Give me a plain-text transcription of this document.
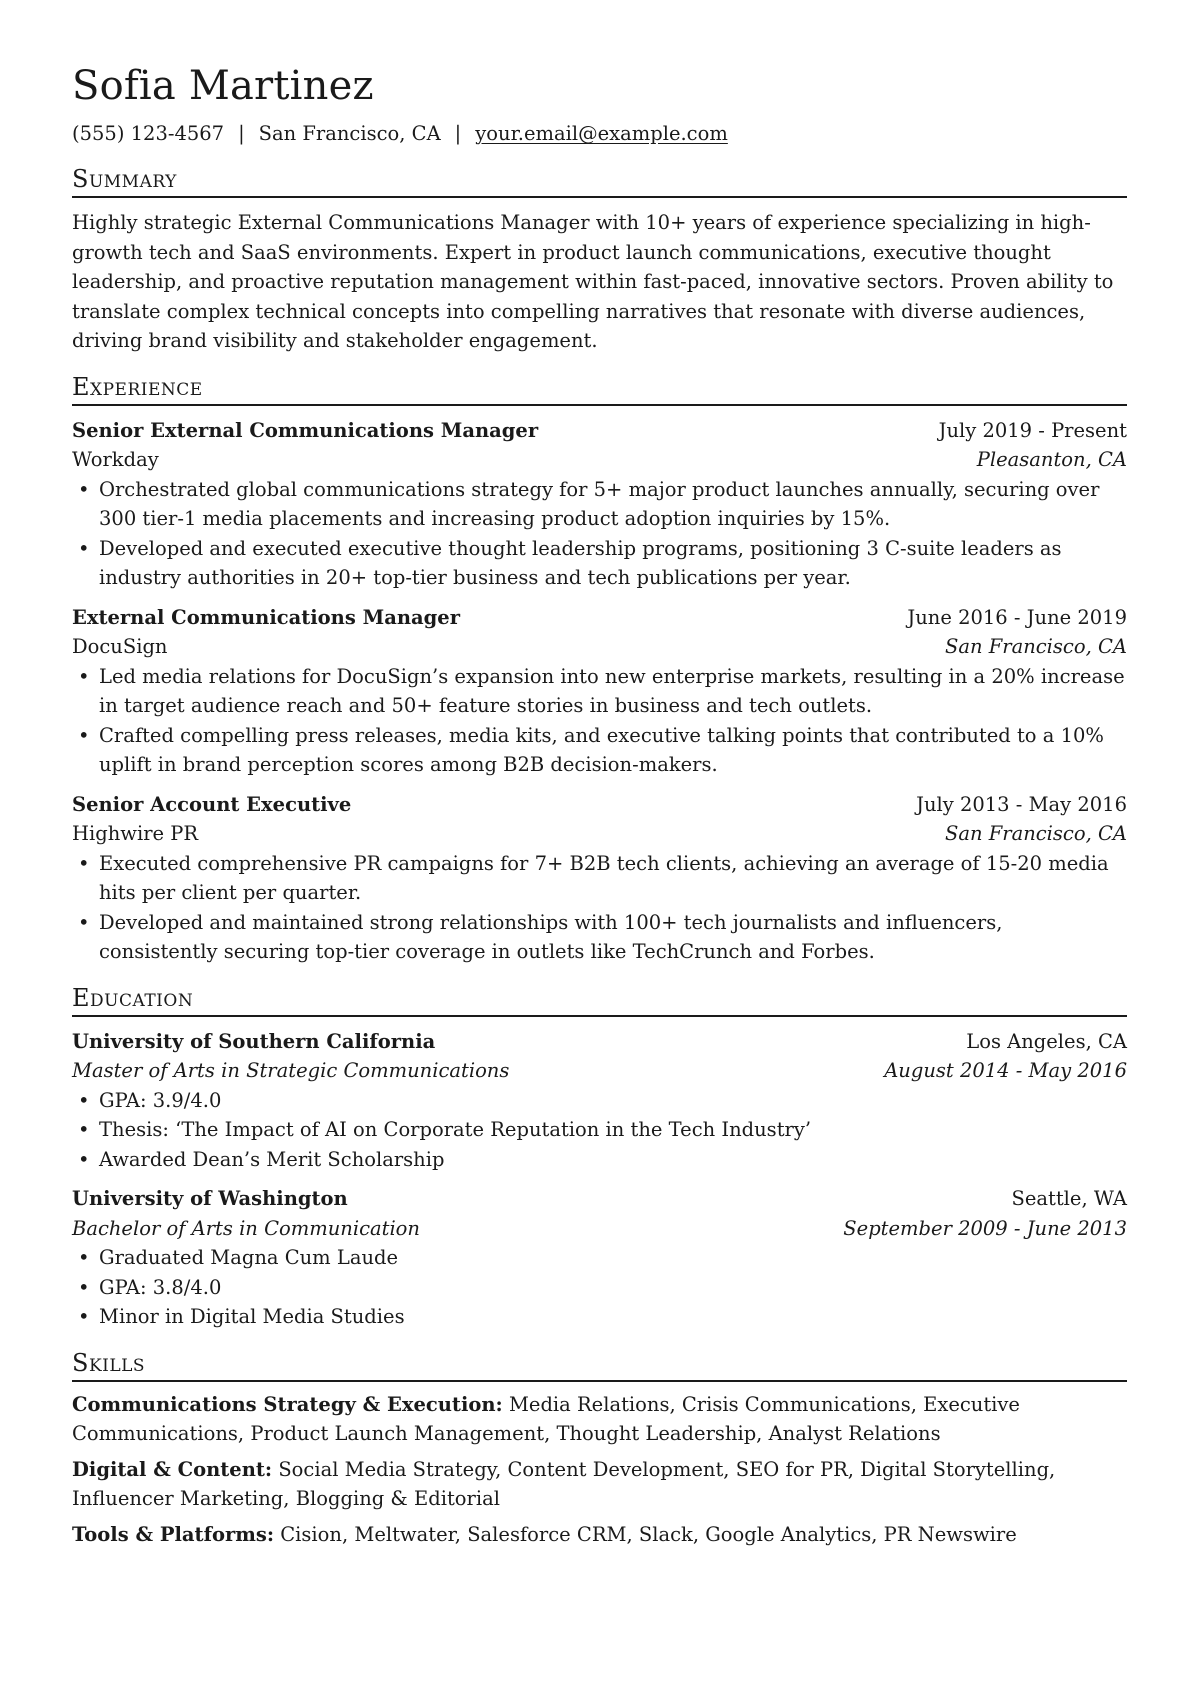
Sofia Martinez
(555) 123-4567 | San Francisco, CA | your.email@example.com
Summary
Highly strategic External Communications Manager with 10+ years of experience specializing in high-growth tech and SaaS environments. Expert in product launch communications, executive thought leadership, and proactive reputation management within fast-paced, innovative sectors. Proven ability to translate complex technical concepts into compelling narratives that resonate with diverse audiences, driving brand visibility and stakeholder engagement.
Experience
Senior External Communications Manager	July 2019 - Present
Workday	Pleasanton, CA
• Orchestrated global communications strategy for 5+ major product launches annually, securing over 300 tier-1 media placements and increasing product adoption inquiries by 15%.
• Developed and executed executive thought leadership programs, positioning 3 C-suite leaders as industry authorities in 20+ top-tier business and tech publications per year.
External Communications Manager	June 2016 - June 2019
DocuSign	San Francisco, CA
• Led media relations for DocuSign’s expansion into new enterprise markets, resulting in a 20% increase in target audience reach and 50+ feature stories in business and tech outlets.
• Crafted compelling press releases, media kits, and executive talking points that contributed to a 10% uplift in brand perception scores among B2B decision-makers.
Senior Account Executive	July 2013 - May 2016
Highwire PR	San Francisco, CA
• Executed comprehensive PR campaigns for 7+ B2B tech clients, achieving an average of 15-20 media hits per client per quarter.
• Developed and maintained strong relationships with 100+ tech journalists and influencers, consistently securing top-tier coverage in outlets like TechCrunch and Forbes.
Education
University of Southern California	Los Angeles, CA
Master of Arts in Strategic Communications	August 2014 - May 2016
• GPA: 3.9/4.0
• Thesis: ‘The Impact of AI on Corporate Reputation in the Tech Industry’
• Awarded Dean’s Merit Scholarship
University of Washington	Seattle, WA
Bachelor of Arts in Communication	September 2009 - June 2013
• Graduated Magna Cum Laude
• GPA: 3.8/4.0
• Minor in Digital Media Studies
Skills

Communications Strategy & Execution: Media Relations, Crisis Communications, Executive Communications, Product Launch Management, Thought Leadership, Analyst Relations

Digital & Content: Social Media Strategy, Content Development, SEO for PR, Digital Storytelling, Influencer Marketing, Blogging & Editorial

Tools & Platforms: Cision, Meltwater, Salesforce CRM, Slack, Google Analytics, PR Newswire
